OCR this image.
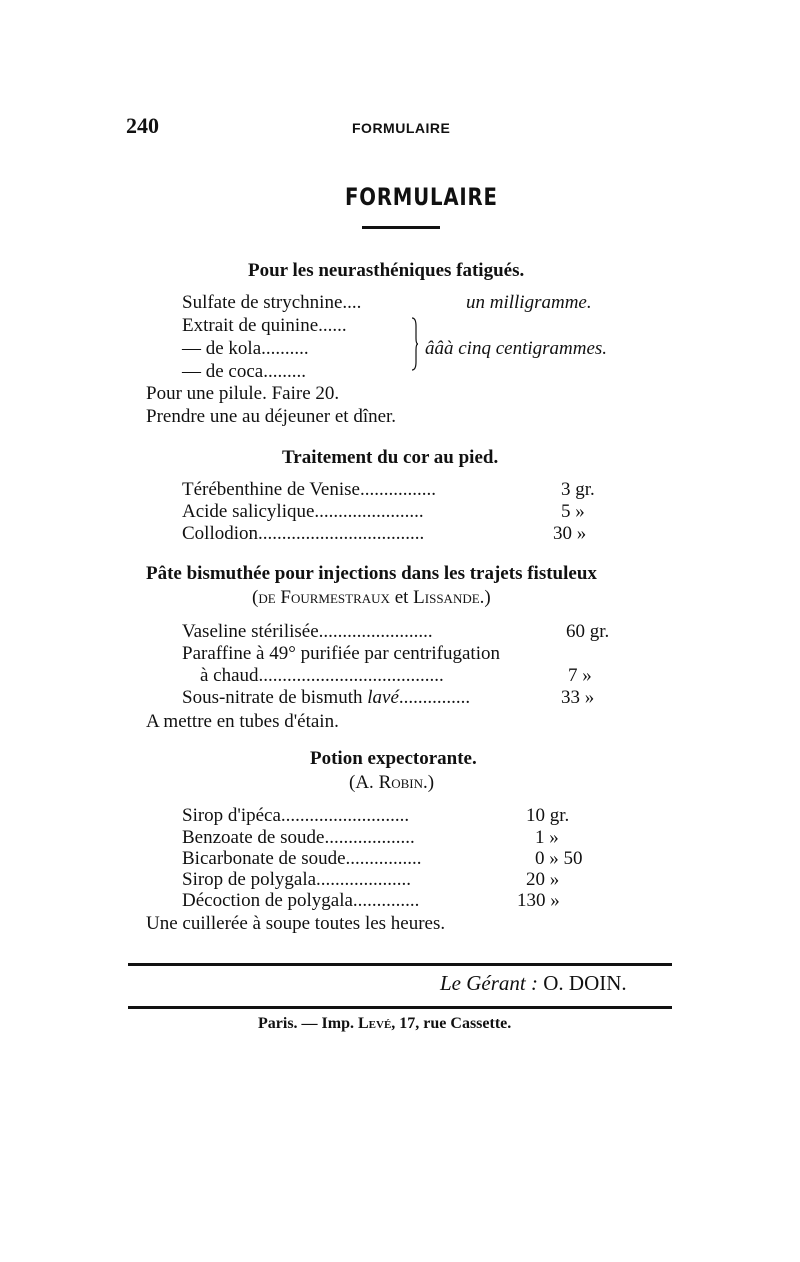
240	FORMULAIRE
FORMULAIRE
Pour les neurasthéniques fatigués.
Sulfate de strychnine....	un milligramme.
Extrait de quinine......
— de kola..........	ââà cinq centigrammes.
— de coca.........
Pour une pilule. Faire 20.
Prendre une au déjeuner et dîner.
Traitement du cor au pied.
Térébenthine de Venise................	3 gr.
Acide salicylique.......................	5 »
Collodion...................................	30 »
Pâte bismuthée pour injections dans les trajets fistuleux
(de Fourmestraux et Lissande.)
Vaseline stérilisée........................	60 gr.
Paraffine à 49° purifiée par centrifugation
à chaud.......................................	7 »
Sous-nitrate de bismuth lavé...............	33 »
A mettre en tubes d'étain.
Potion expectorante.
(A. Robin.)
Sirop d'ipéca...........................	10 gr.
Benzoate de soude...................	1 »
Bicarbonate de soude................	0 » 50
Sirop de polygala....................	20 »
Décoction de polygala..............	130 »
Une cuillerée à soupe toutes les heures.
Le Gérant : O. DOIN.
Paris. — Imp. Levé, 17, rue Cassette.
